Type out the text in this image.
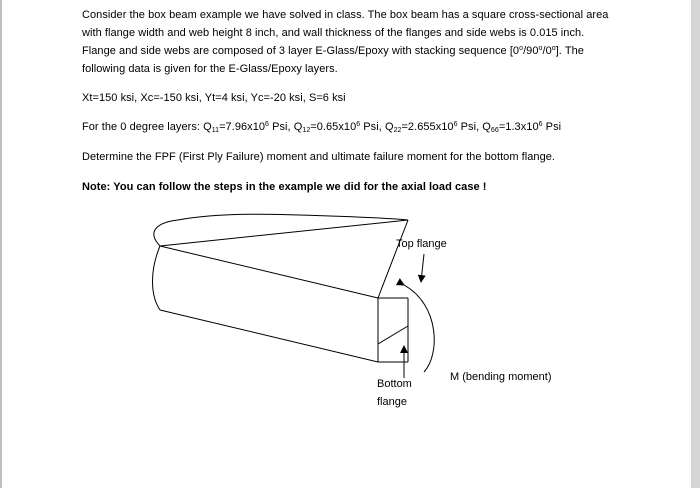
Consider the box beam example we have solved in class. The box beam has a square cross-sectional area
with flange width and web height 8 inch, and wall thickness of the flanges and side webs is 0.015 inch.
Flange and side webs are composed of 3 layer E-Glass/Epoxy with stacking sequence [0$^o$/90$^o$/0$^o$]. The
following data is given for the E-Glass/Epoxy layers.
Xt=150 ksi, Xc=-150 ksi, Yt=4 ksi, Yc=-20 ksi, S=6 ksi
For the 0 degree layers: $Q_{11}=7.96x10^6$ Psi, $Q_{12}=0.65x10^6$ Psi, $Q_{22}=2.655x10^6$ Psi, $Q_{66}=1.3x10^6$ Psi
Determine the FPF (First Ply Failure) moment and ultimate failure moment for the bottom flange.
Note: You can follow the steps in the example we did for the axial load case !
Top flange
M (bending moment)
Bottom
flange
